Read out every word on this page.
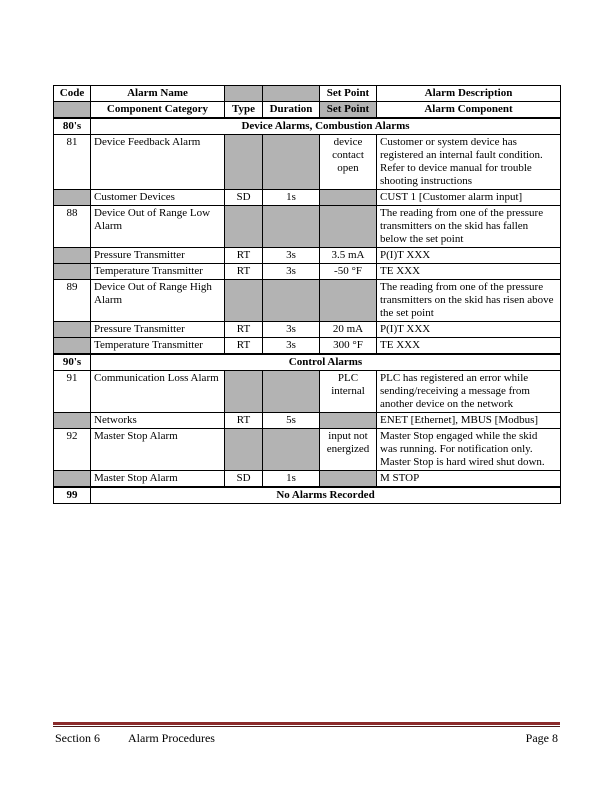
Code	Alarm Name			Set Point	Alarm Description
	Component Category	Type	Duration	Set Point	Alarm Component
80's	Device Alarms, Combustion Alarms				
81	Device Feedback Alarm			device contact open	Customer or system device has registered an internal fault condition. Refer to device manual for trouble shooting instructions
	Customer Devices	SD	1s		CUST 1 [Customer alarm input]
88	Device Out of Range Low Alarm				The reading from one of the pressure transmitters on the skid has fallen below the set point
	Pressure Transmitter	RT	3s	3.5 mA	P(I)T XXX
	Temperature Transmitter	RT	3s	-50 °F	TE XXX
89	Device Out of Range High Alarm				The reading from one of the pressure transmitters on the skid has risen above the set point
	Pressure Transmitter	RT	3s	20 mA	P(I)T XXX
	Temperature Transmitter	RT	3s	300 °F	TE XXX
90's	Control Alarms				
91	Communication Loss Alarm			PLC internal	PLC has registered an error while sending/receiving a message from another device on the network
	Networks	RT	5s		ENET [Ethernet], MBUS [Modbus]
92	Master Stop Alarm			input not energized	Master Stop engaged while the skid was running. For notification only. Master Stop is hard wired shut down.
	Master Stop Alarm	SD	1s		M STOP
99	No Alarms Recorded				
Section 6 Alarm Procedures	Page 8
